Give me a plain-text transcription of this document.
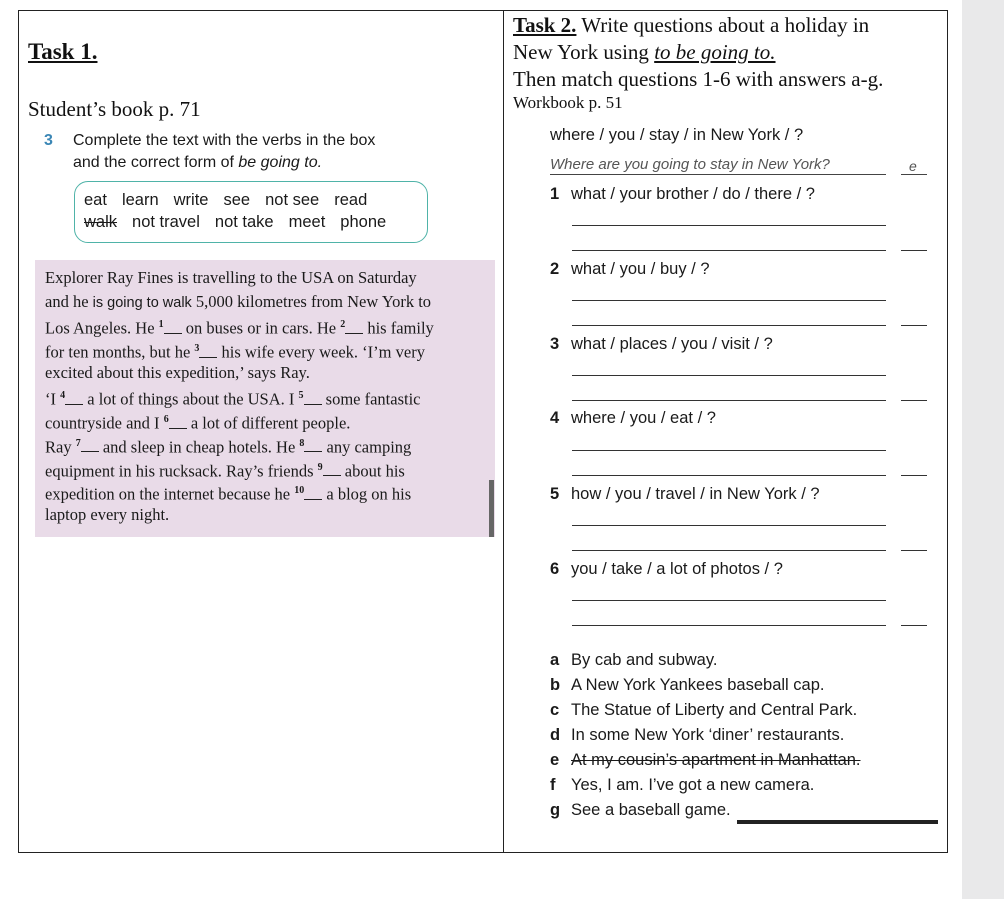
Task 1.
Student’s book p. 71
3 Complete the text with the verbs in the box
and the correct form of be going to.
eat learn write see not see read
walk not travel not take meet phone
Explorer Ray Fines is travelling to the USA on Saturday
and he is going to walk 5,000 kilometres from New York to
Los Angeles. He $^1$ on buses or in cars. He $^2$ his family
for ten months, but he $^3$ his wife every week. ‘I’m very
excited about this expedition,’ says Ray.
‘I $^4$ a lot of things about the USA. I $^5$ some fantastic
countryside and I $^6$ a lot of different people.
Ray $^7$ and sleep in cheap hotels. He $^8$ any camping
equipment in his rucksack. Ray’s friends $^9$ about his
expedition on the internet because he $^{10}$ a blog on his
laptop every night.
Task 2. Write questions about a holiday in
New York using to be going to.
Then match questions 1-6 with answers a-g.
Workbook p. 51
where / you / stay / in New York / ?
Where are you going to stay in New York?	e
1 what / your brother / do / there / ?
2 what / you / buy / ?
3 what / places / you / visit / ?
4 where / you / eat / ?
5 how / you / travel / in New York / ?
6 you / take / a lot of photos / ?
a By cab and subway.
b A New York Yankees baseball cap.
c The Statue of Liberty and Central Park.
d In some New York ‘diner’ restaurants.
e At my cousin’s apartment in Manhattan.
f Yes, I am. I’ve got a new camera.
g See a baseball game.
